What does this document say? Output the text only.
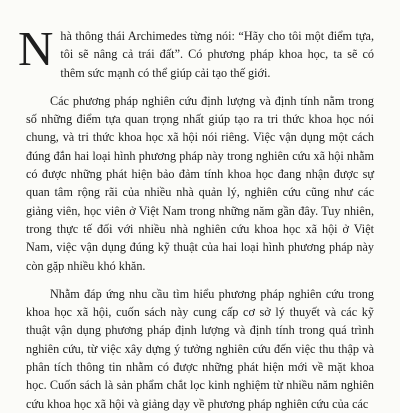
Nhà thông thái Archimedes từng nói: “Hãy cho tôi một điểm tựa, tôi sẽ nâng cả trái đất”. Có phương pháp khoa học, ta sẽ có thêm sức mạnh có thể giúp cải tạo thế giới.

Các phương pháp nghiên cứu định lượng và định tính nằm trong số những điểm tựa quan trọng nhất giúp tạo ra tri thức khoa học nói chung, và tri thức khoa học xã hội nói riêng. Việc vận dụng một cách đúng đắn hai loại hình phương pháp này trong nghiên cứu xã hội nhằm có được những phát hiện bảo đảm tính khoa học đang nhận được sự quan tâm rộng rãi của nhiều nhà quản lý, nghiên cứu cũng như các giảng viên, học viên ở Việt Nam trong những năm gần đây. Tuy nhiên, trong thực tế đối với nhiều nhà nghiên cứu khoa học xã hội ở Việt Nam, việc vận dụng đúng kỹ thuật của hai loại hình phương pháp này còn gặp nhiều khó khăn.

Nhằm đáp ứng nhu cầu tìm hiểu phương pháp nghiên cứu trong khoa học xã hội, cuốn sách này cung cấp cơ sở lý thuyết và các kỹ thuật vận dụng phương pháp định lượng và định tính trong quá trình nghiên cứu, từ việc xây dựng ý tưởng nghiên cứu đến việc thu thập và phân tích thông tin nhằm có được những phát hiện mới về mặt khoa học. Cuốn sách là sản phẩm chắt lọc kinh nghiệm từ nhiều năm nghiên cứu khoa học xã hội và giảng dạy về phương pháp nghiên cứu của các
